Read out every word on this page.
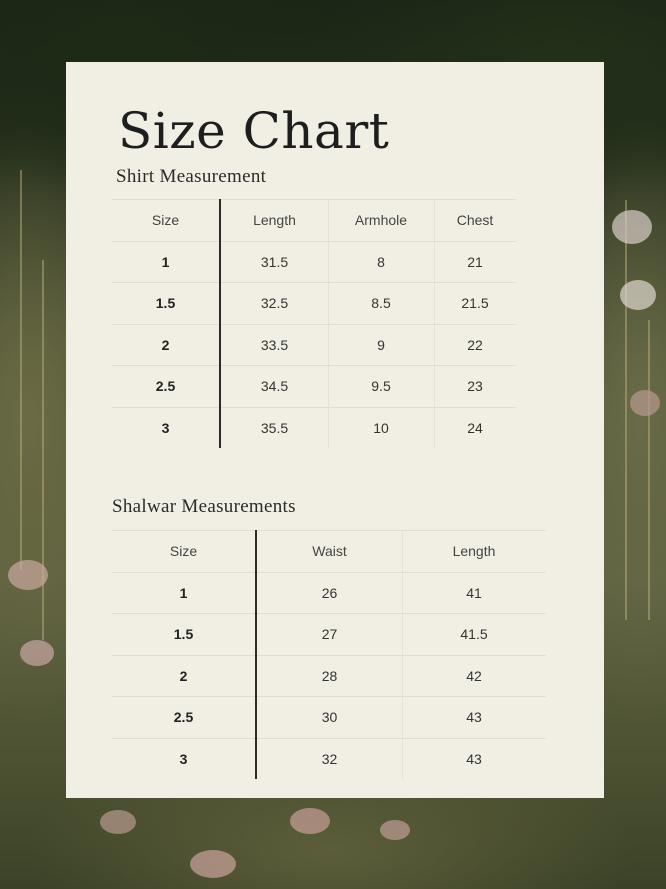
Size Chart
Shirt Measurement
Size	Length	Armhole	Chest
1	31.5	8	21
1.5	32.5	8.5	21.5
2	33.5	9	22
2.5	34.5	9.5	23
3	35.5	10	24
Shalwar Measurements
Size	Waist	Length
1	26	41
1.5	27	41.5
2	28	42
2.5	30	43
3	32	43
